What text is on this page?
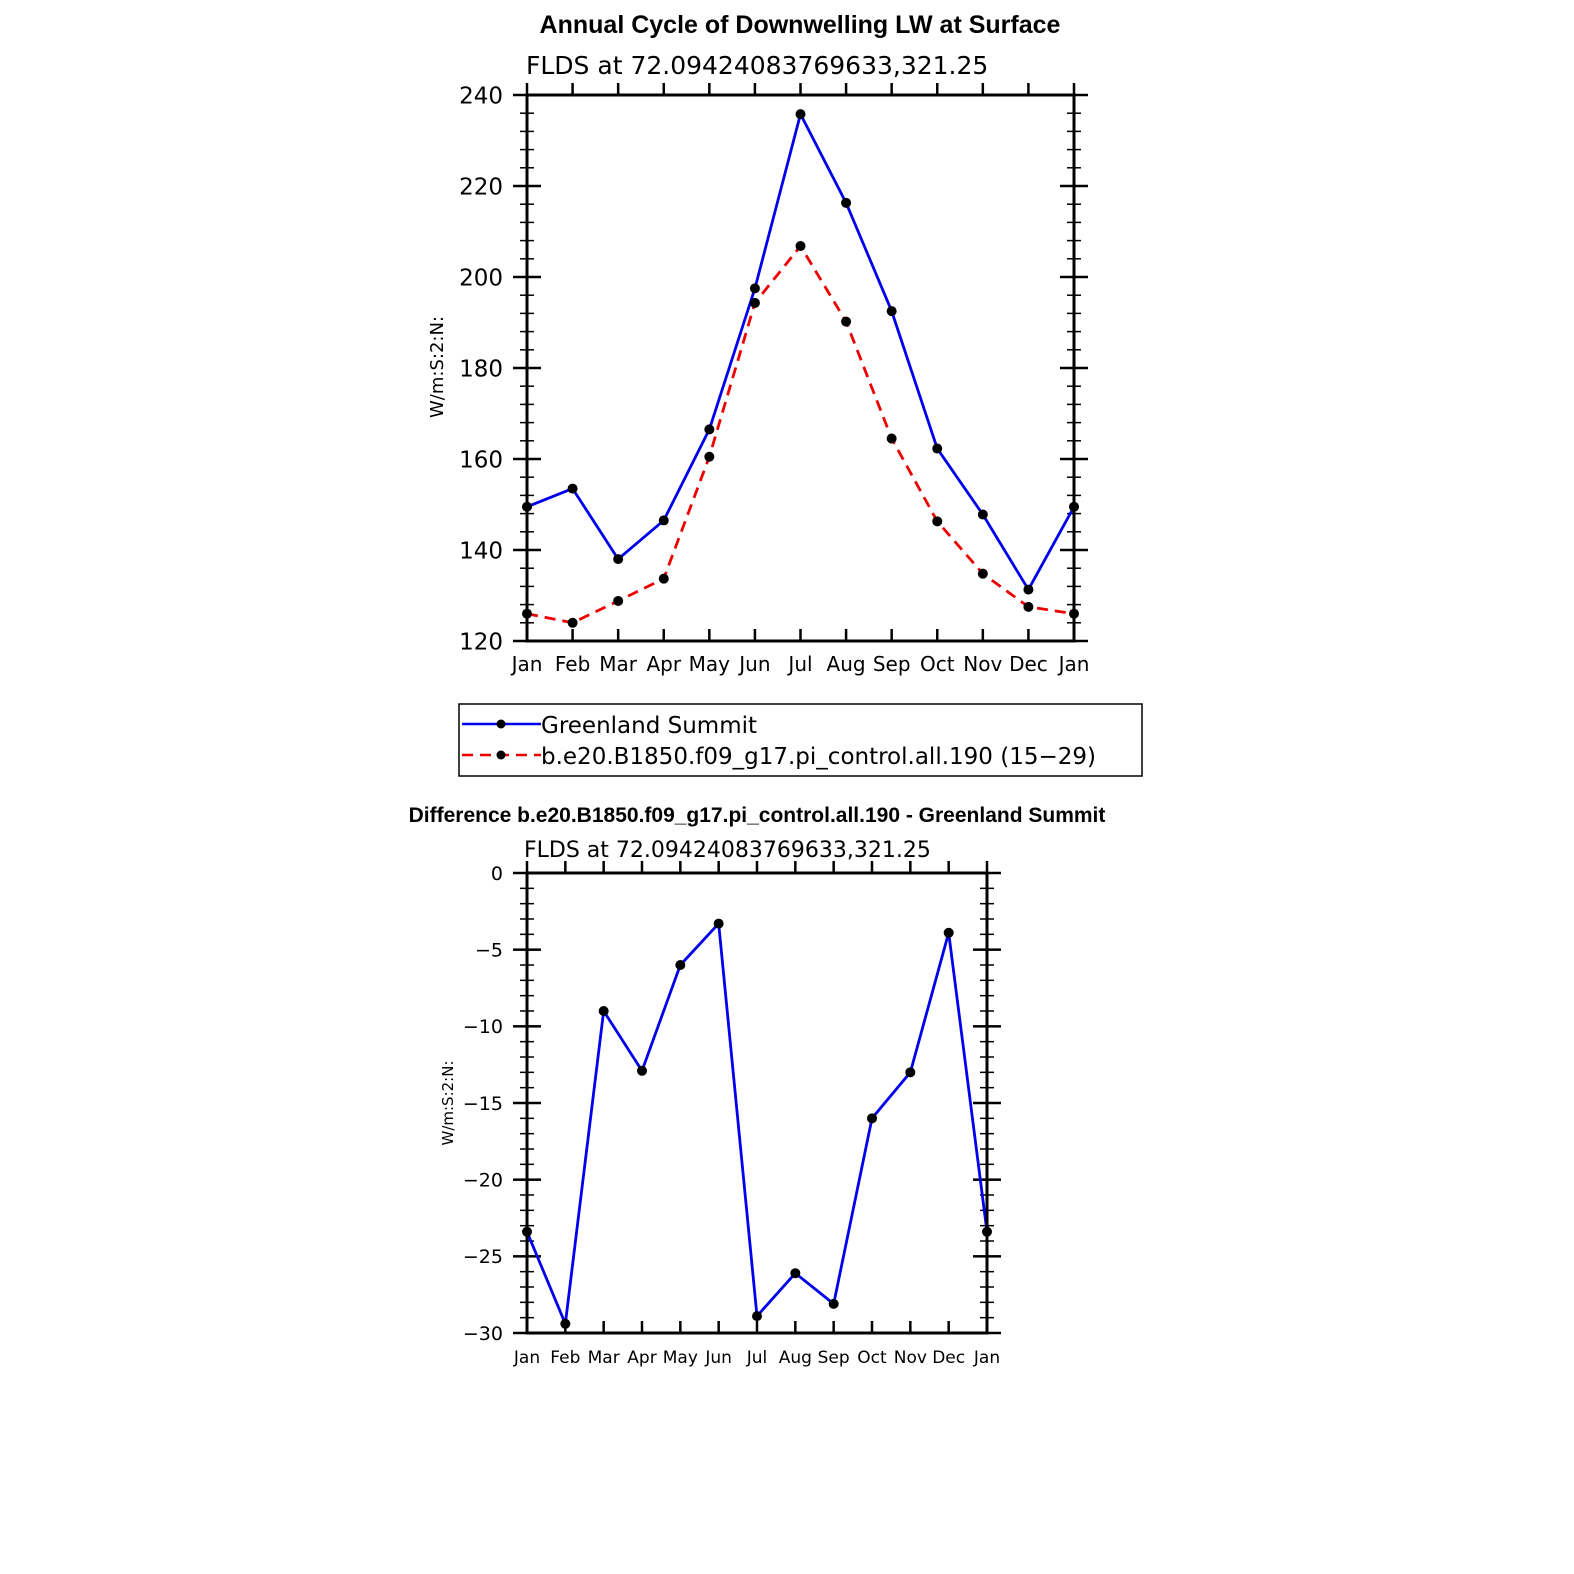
Annual Cycle of Downwelling LW at Surface
FLDS at 72.09424083769633,321.25
W/m:S:2:N:
Jan Feb Mar Apr May Jun Jul Aug Sep Oct Nov Dec Jan
120
140
160
180
200
220
240
Greenland Summit
b.e20.B1850.f09_g17.pi_control.all.190 (15−29)
Difference b.e20.B1850.f09_g17.pi_control.all.190 - Greenland Summit
FLDS at 72.09424083769633,321.25
W/m:S:2:N:
Jan Feb Mar Apr May Jun Jul Aug Sep Oct Nov Dec Jan
−30
−25
−20
−15
−10
−5
0
